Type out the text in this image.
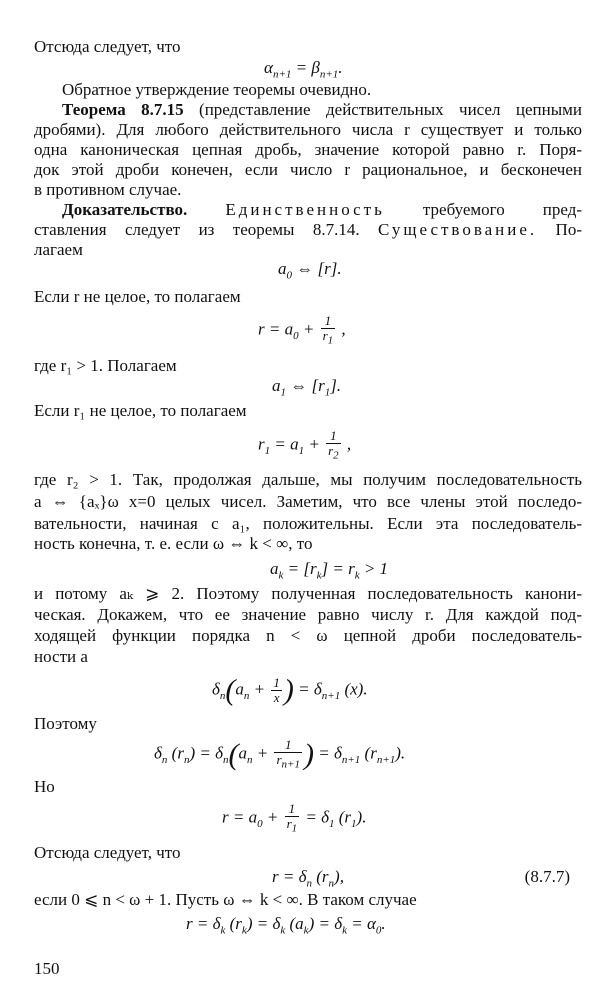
Отсюда следует, что
$\alpha_{n+1} = \beta_{n+1}$.
Обратное утверждение теоремы очевидно.
Теорема 8.7.15 (представление действительных чисел цепными
дробями). Для любого действительного числа r существует и только
одна каноническая цепная дробь, значение которой равно r. Поря-
док этой дроби конечен, если число r рациональное, и бесконечен
в противном случае.
Доказательство. Единственность требуемого пред-
ставления следует из теоремы 8.7.14. Существование. По-
лагаем
$a_0$ ⇔ [r].
Если r не целое, то полагаем
$r = a_0 + \frac{1}{r_1}$ ,
где r₁ > 1. Полагаем
$a_1$ ⇔ $[r_1]$.
Если r₁ не целое, то полагаем
$r_1 = a_1 + \frac{1}{r_2}$ ,
где r₂ > 1. Так, продолжая дальше, мы получим последовательность
a ⇔ {aₓ}ω x=0 целых чисел. Заметим, что все члены этой последо-
вательности, начиная с a₁, положительны. Если эта последователь-
ность конечна, т. е. если ω ⇔ k < ∞, то
$a_k = [r_k] = r_k > 1$
и потому aₖ ⩾ 2. Поэтому полученная последовательность канони-
ческая. Докажем, что ее значение равно числу r. Для каждой под-
ходящей функции порядка n < ω цепной дроби последователь-
ности a
$\delta_n(a_n + \frac{1}{x}$ ) = $\delta_{n+1}$ (x).
Поэтому
$\delta_n$ $(r_n) = \delta_n(a_n + \frac{1}{r_{n+1}}$ ) = $\delta_{n+1}$ $(r_{n+1})$.
Но
$r = a_0 + \frac{1}{r_1} = \delta_1$ $(r_1)$.
Отсюда следует, что
$r = \delta_n$ $(r_n)$,	(8.7.7)
если 0 ⩽ n < ω + 1. Пусть ω ⇔ k < ∞. В таком случае
$r = \delta_k$ $(r_k) = \delta_k$ $(a_k) = \delta_k = \alpha_0$.
150
